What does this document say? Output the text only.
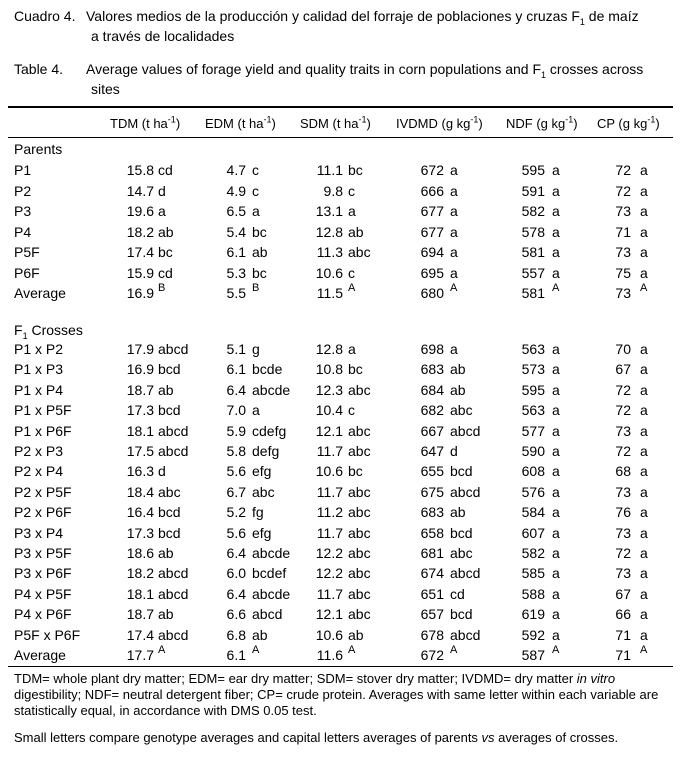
Cuadro 4. Valores medios de la producción y calidad del forraje de poblaciones y cruzas $F_1$ de maíz
a través de localidades
Table 4. Average values of forage yield and quality traits in corn populations and $F_1$ crosses across
sites
TDM (t $ha^{-1}$) EDM (t $ha^{-1}$) SDM (t $ha^{-1}$) IVDMD (g $kg^{-1}$) NDF (g $kg^{-1}$) CP (g $kg^{-1}$)
Parents
P1	15.8 cd	4.7 c	11.1 bc	672 a	595 a	72 a
P2	14.7 d	4.9 c	9.8 c	666 a	591 a	72 a
P3	19.6 a	6.5 a	13.1 a	677 a	582 a	73 a
P4	18.2 ab	5.4 bc	12.8 ab	677 a	578 a	71 a
P5F	17.4 bc	6.1 ab	11.3 abc	694 a	581 a	73 a
P6F	15.9 cd	5.3 bc	10.6 c	695 a	557 a	75 a
Average	16.9 B	5.5 B	11.5 A	680 A	581 A	73 A
$F_1$ Crosses
P1 x P2	17.9 abcd	5.1 g	12.8 a	698 a	563 a	70 a
P1 x P3	16.9 bcd	6.1 bcde	10.8 bc	683 ab	573 a	67 a
P1 x P4	18.7 ab	6.4 abcde	12.3 abc	684 ab	595 a	72 a
P1 x P5F	17.3 bcd	7.0 a	10.4 c	682 abc	563 a	72 a
P1 x P6F	18.1 abcd	5.9 cdefg	12.1 abc	667 abcd	577 a	73 a
P2 x P3	17.5 abcd	5.8 defg	11.7 abc	647 d	590 a	72 a
P2 x P4	16.3 d	5.6 efg	10.6 bc	655 bcd	608 a	68 a
P2 x P5F	18.4 abc	6.7 abc	11.7 abc	675 abcd	576 a	73 a
P2 x P6F	16.4 bcd	5.2 fg	11.2 abc	683 ab	584 a	76 a
P3 x P4	17.3 bcd	5.6 efg	11.7 abc	658 bcd	607 a	73 a
P3 x P5F	18.6 ab	6.4 abcde	12.2 abc	681 abc	582 a	72 a
P3 x P6F	18.2 abcd	6.0 bcdef	12.2 abc	674 abcd	585 a	73 a
P4 x P5F	18.1 abcd	6.4 abcde	11.7 abc	651 cd	588 a	67 a
P4 x P6F	18.7 ab	6.6 abcd	12.1 abc	657 bcd	619 a	66 a
P5F x P6F	17.4 abcd	6.8 ab	10.6 ab	678 abcd	592 a	71 a
Average	17.7 A	6.1 A	11.6 A	672 A	587 A	71 A
TDM= whole plant dry matter; EDM= ear dry matter; SDM= stover dry matter; IVDMD= dry matter in vitro digestibility; NDF= neutral detergent fiber; CP= crude protein. Averages with same letter within each variable are statistically equal, in accordance with DMS 0.05 test.
Small letters compare genotype averages and capital letters averages of parents vs averages of crosses.
